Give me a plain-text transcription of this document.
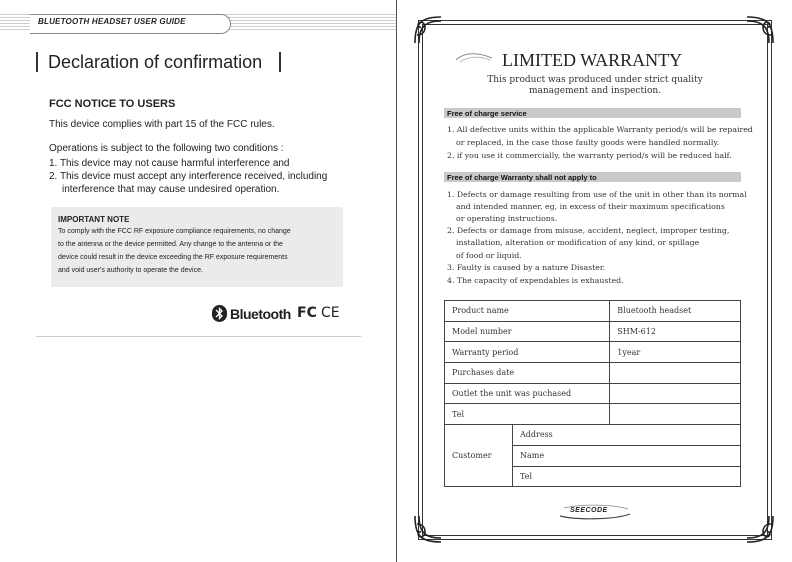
BLUETOOTH HEADSET USER GUIDE
Declaration of confirmation
FCC NOTICE TO USERS
This device complies with part 15 of the FCC rules.
Operations is subject to the following two conditions :
1. This device may not cause harmful interference and
2. This device must accept any interference received, including
interference that may cause undesired operation.
IMPORTANT NOTE
To comply with the FCC RF exposure compliance requirements, no change
to the antenna or the device permitted. Any change to the antenna or the
device could result in the device exceeding the RF exposure requirements
and void user's authority to operate the device.
Bluetooth FC CE
LIMITED WARRANTY
This product was produced under strict quality
management and inspection.
Free of charge service
1. All defective units within the applicable Warranty period/s will be repaired
or replaced, in the case those faulty goods were handled normally.
2. if you use it commercially, the warranty period/s will be reduced half.
Free of charge Warranty shall not apply to
1. Defects or damage resulting from use of the unit in other than its normal
and intended manner, eg, in excess of their maximum specifications
or operating instructions.
2. Defects or damage from misuse, accident, neglect, improper testing,
installation, alteration or modification of any kind, or spillage
of food or liquid.
3. Faulty is caused by a nature Disaster.
4. The capacity of expendables is exhausted.
Product name		Bluetooth headset
Model number		SHM-612
Warranty period		1year
Purchases date		
Outlet the unit was puchased		
Tel		
Customer	Address	
	Name	
	Tel	
SEECODE
